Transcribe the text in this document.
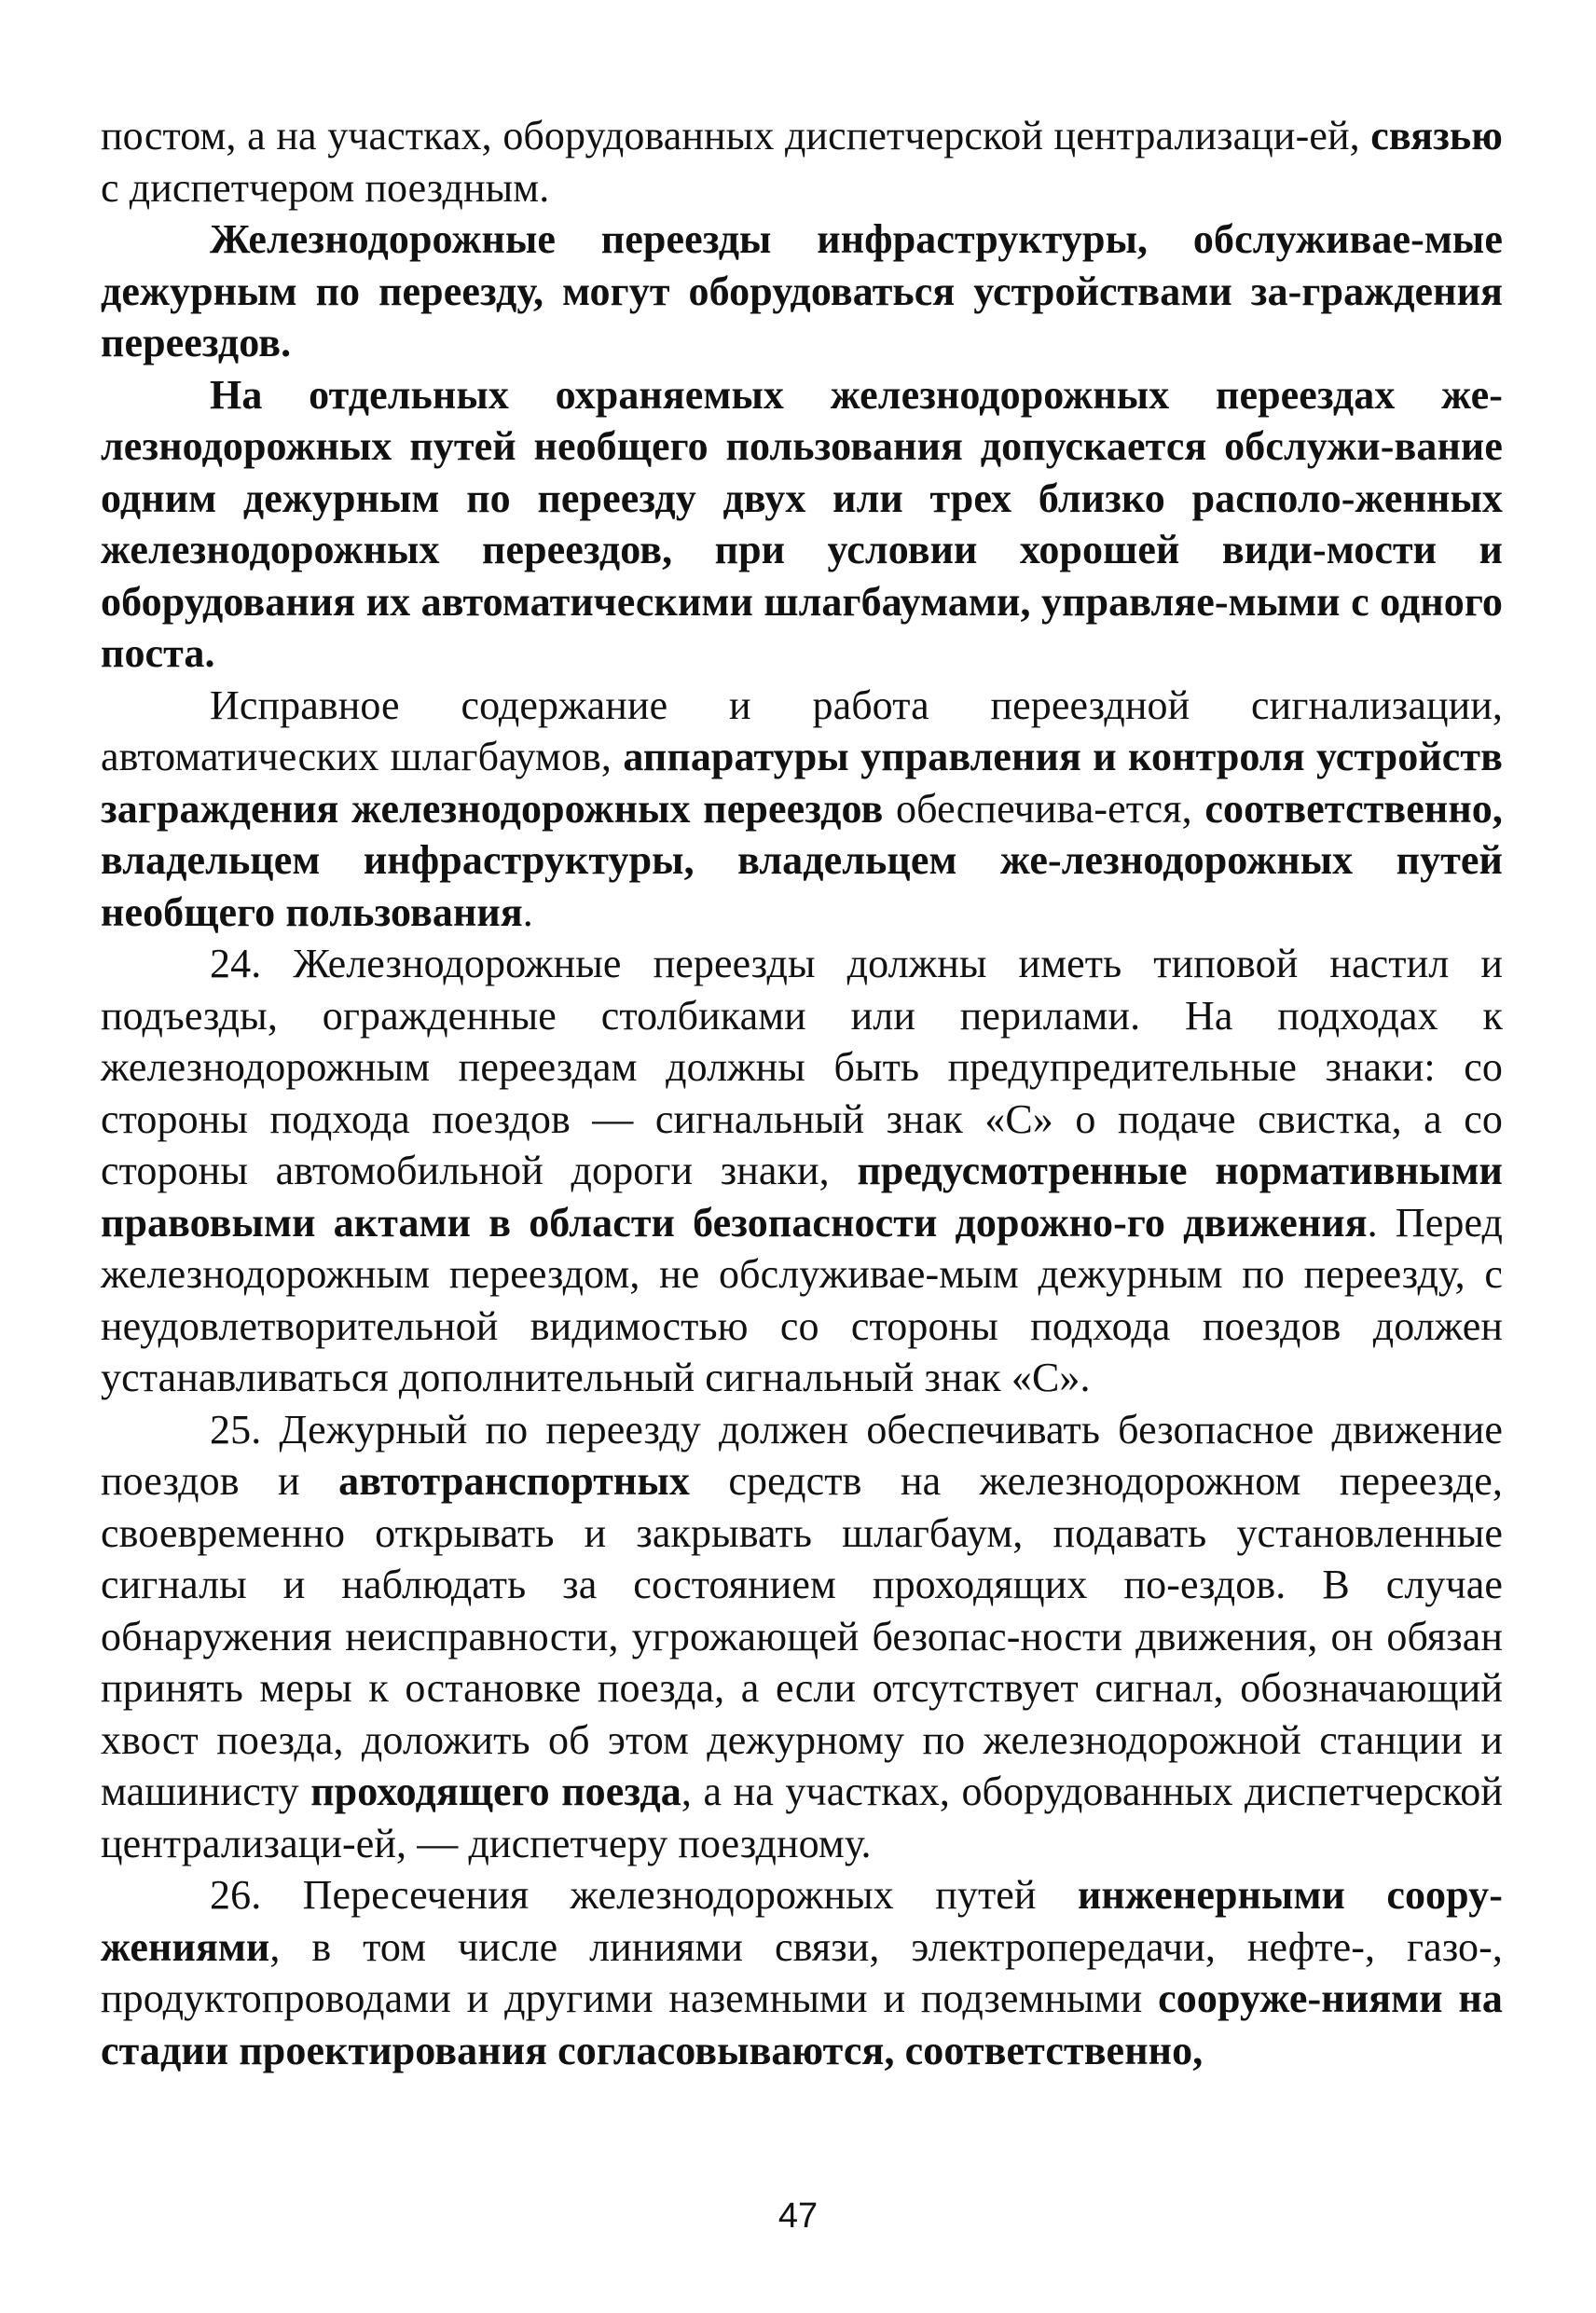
постом, а на участках, оборудованных диспетчерской централизаци-ей, связью с диспетчером поездным.

Железнодорожные переезды инфраструктуры, обслуживае-мые дежурным по переезду, могут оборудоваться устройствами за-граждения переездов.

На отдельных охраняемых железнодорожных переездах же-лезнодорожных путей необщего пользования допускается обслужи-вание одним дежурным по переезду двух или трех близко располо-женных железнодорожных переездов, при условии хорошей види-мости и оборудования их автоматическими шлагбаумами, управляе-мыми с одного поста.

Исправное содержание и работа переездной сигнализации, автоматических шлагбаумов, аппаратуры управления и контроля устройств заграждения железнодорожных переездов обеспечива-ется, соответственно, владельцем инфраструктуры, владельцем же-лезнодорожных путей необщего пользования.

24. Железнодорожные переезды должны иметь типовой настил и подъезды, огражденные столбиками или перилами. На подходах к железнодорожным переездам должны быть предупредительные знаки: со стороны подхода поездов — сигнальный знак «С» о подаче свистка, а со стороны автомобильной дороги знаки, предусмотренные нормативными правовыми актами в области безопасности дорожно-го движения. Перед железнодорожным переездом, не обслуживае-мым дежурным по переезду, с неудовлетворительной видимостью со стороны подхода поездов должен устанавливаться дополнительный сигнальный знак «С».

25. Дежурный по переезду должен обеспечивать безопасное движение поездов и автотранспортных средств на железнодорожном переезде, своевременно открывать и закрывать шлагбаум, подавать установленные сигналы и наблюдать за состоянием проходящих по-ездов. В случае обнаружения неисправности, угрожающей безопас-ности движения, он обязан принять меры к остановке поезда, а если отсутствует сигнал, обозначающий хвост поезда, доложить об этом дежурному по железнодорожной станции и машинисту проходящего поезда, а на участках, оборудованных диспетчерской централизаци-ей, — диспетчеру поездному.

26. Пересечения железнодорожных путей инженерными соору-жениями, в том числе линиями связи, электропередачи, нефте-, газо-, продуктопроводами и другими наземными и подземными сооруже-ниями на стадии проектирования согласовываются, соответственно,

47
